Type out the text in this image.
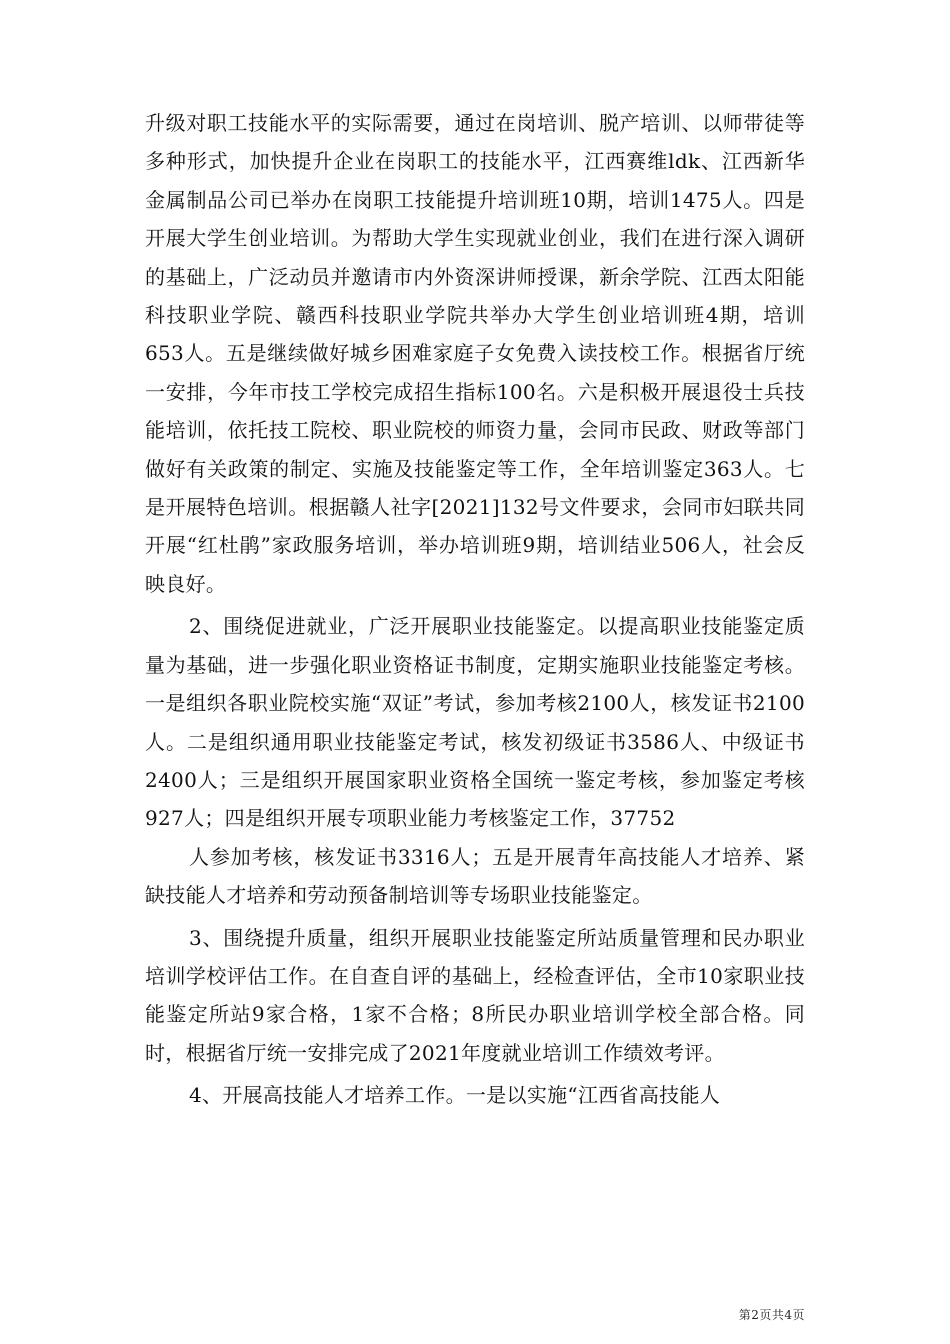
升级对职工技能水平的实际需要，通过在岗培训、脱产培训、以师带徒等多种形式，加快提升企业在岗职工的技能水平，江西赛维ldk、江西新华金属制品公司已举办在岗职工技能提升培训班10期，培训1475人。四是开展大学生创业培训。为帮助大学生实现就业创业，我们在进行深入调研的基础上，广泛动员并邀请市内外资深讲师授课，新余学院、江西太阳能科技职业学院、赣西科技职业学院共举办大学生创业培训班4期，培训653人。五是继续做好城乡困难家庭子女免费入读技校工作。根据省厅统一安排，今年市技工学校完成招生指标100名。六是积极开展退役士兵技能培训，依托技工院校、职业院校的师资力量，会同市民政、财政等部门做好有关政策的制定、实施及技能鉴定等工作，全年培训鉴定363人。七是开展特色培训。根据赣人社字[2021]132号文件要求，会同市妇联共同开展“红杜鹃”家政服务培训，举办培训班9期，培训结业506人，社会反映良好。

2、围绕促进就业，广泛开展职业技能鉴定。以提高职业技能鉴定质量为基础，进一步强化职业资格证书制度，定期实施职业技能鉴定考核。一是组织各职业院校实施“双证”考试，参加考核2100人，核发证书2100人。二是组织通用职业技能鉴定考试，核发初级证书3586人、中级证书2400人；三是组织开展国家职业资格全国统一鉴定考核，参加鉴定考核927人；四是组织开展专项职业能力考核鉴定工作，37752

人参加考核，核发证书3316人；五是开展青年高技能人才培养、紧缺技能人才培养和劳动预备制培训等专场职业技能鉴定。

3、围绕提升质量，组织开展职业技能鉴定所站质量管理和民办职业培训学校评估工作。在自查自评的基础上，经检查评估，全市10家职业技能鉴定所站9家合格，1家不合格；8所民办职业培训学校全部合格。同时，根据省厅统一安排完成了2021年度就业培训工作绩效考评。

4、开展高技能人才培养工作。一是以实施“江西省高技能人

第2页共4页
